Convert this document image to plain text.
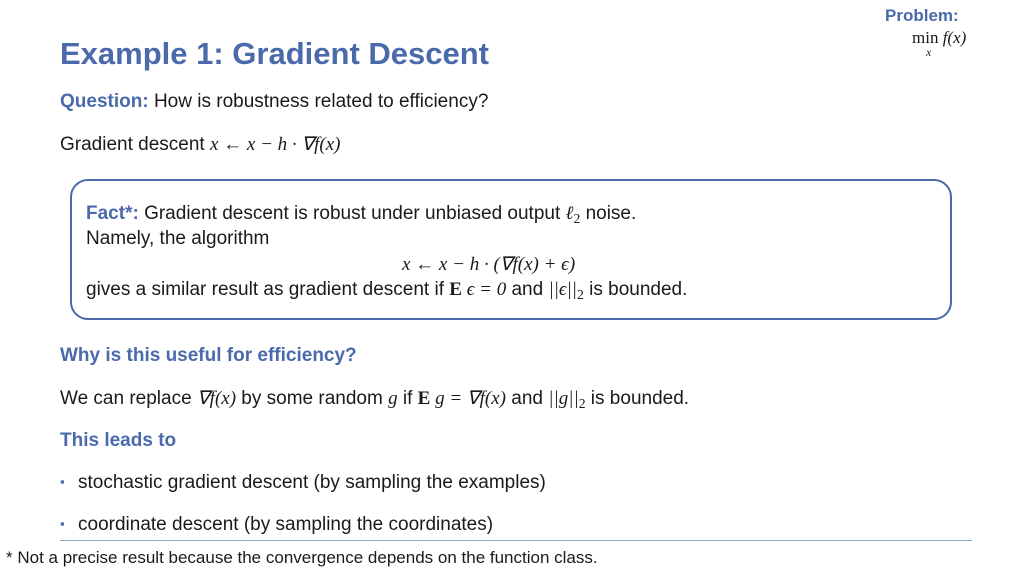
Problem:
min f(x)
x
Example 1: Gradient Descent
Question: How is robustness related to efficiency?
Gradient descent x ← x − h · ∇f(x)
Fact*: Gradient descent is robust under unbiased output ℓ$_2$ noise.
Namely, the algorithm
x ← x − h · (∇f(x) + ϵ)
gives a similar result as gradient descent if E ϵ = 0 and $||\epsilon||_2$ is bounded.
Why is this useful for efficiency?
We can replace ∇f(x) by some random g if E g = ∇f(x) and $||g||_2$ is bounded.
This leads to
▪ stochastic gradient descent (by sampling the examples)
▪ coordinate descent (by sampling the coordinates)
* Not a precise result because the convergence depends on the function class.
